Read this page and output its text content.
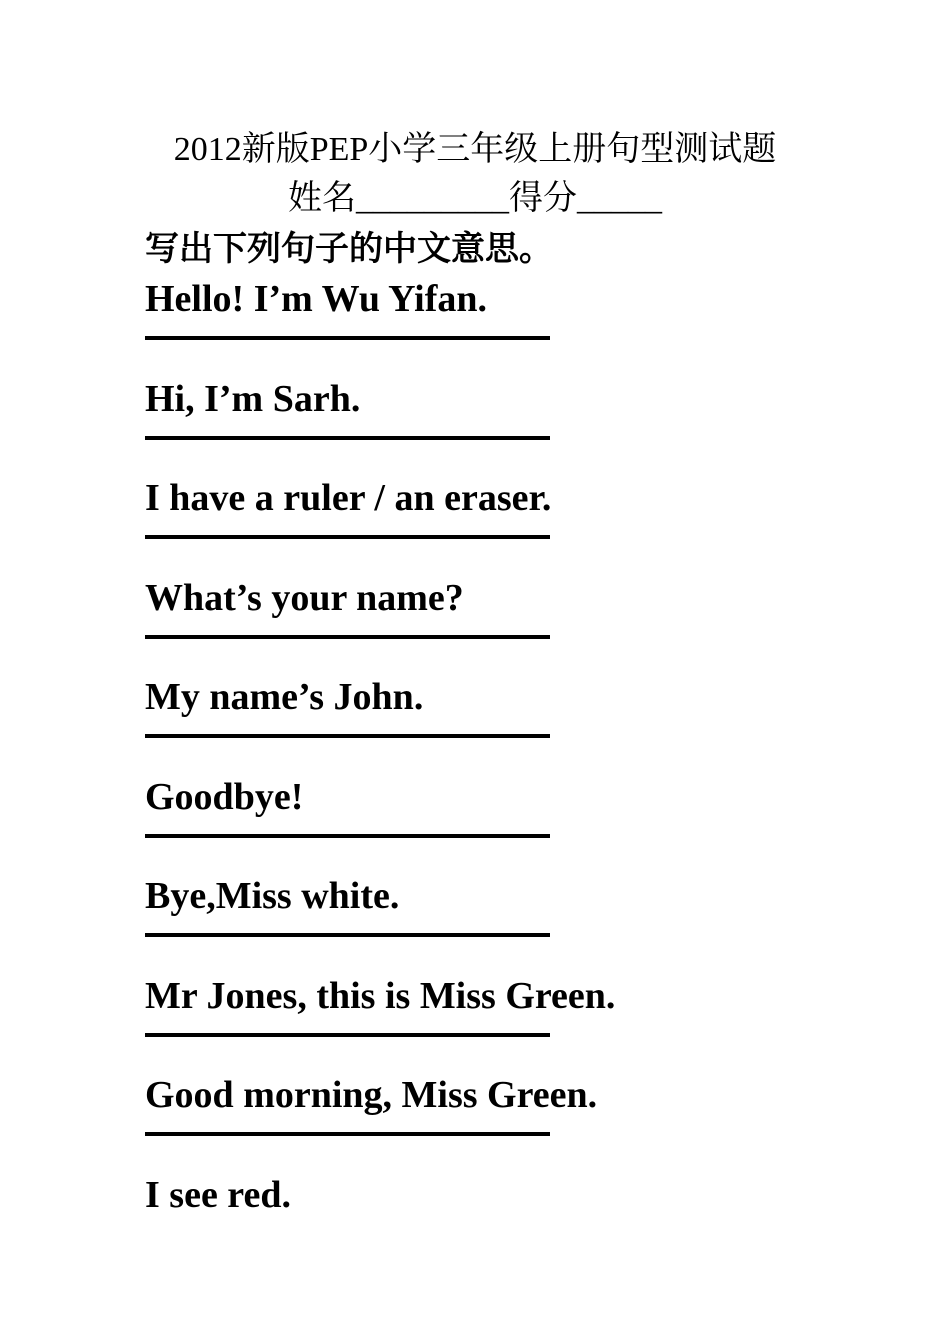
2012新版PEP小学三年级上册句型测试题
姓名_________得分_____
写出下列句子的中文意思。
Hello! I’m Wu Yifan.
Hi, I’m Sarh.
I have a ruler / an eraser.
What’s your name?
My name’s John.
Goodbye!
Bye,Miss white.
Mr Jones, this is Miss Green.
Good morning, Miss Green.
I see red.
